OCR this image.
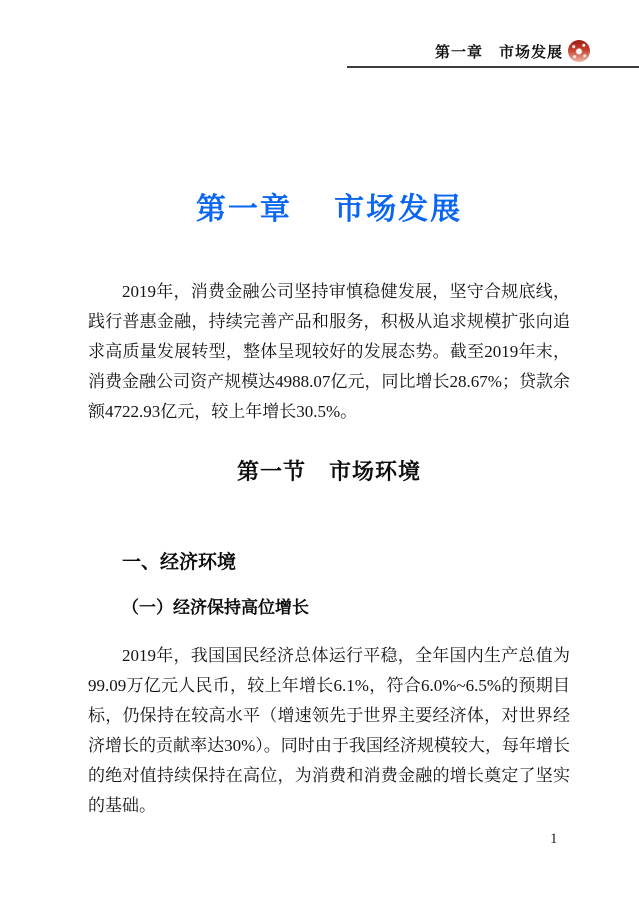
第一章　市场发展
第一章　 市场发展

2019年，消费金融公司坚持审慎稳健发展，坚守合规底线，践行普惠金融，持续完善产品和服务，积极从追求规模扩张向追求高质量发展转型，整体呈现较好的发展态势。截至2019年末，消费金融公司资产规模达4988.07亿元，同比增长28.67%；贷款余额4722.93亿元，较上年增长30.5%。

第一节　市场环境
一、经济环境
（一）经济保持高位增长

2019年，我国国民经济总体运行平稳，全年国内生产总值为99.09万亿元人民币，较上年增长6.1%，符合6.0%~6.5%的预期目标，仍保持在较高水平（增速领先于世界主要经济体，对世界经济增长的贡献率达30%）。同时由于我国经济规模较大，每年增长的绝对值持续保持在高位，为消费和消费金融的增长奠定了坚实的基础。

1
